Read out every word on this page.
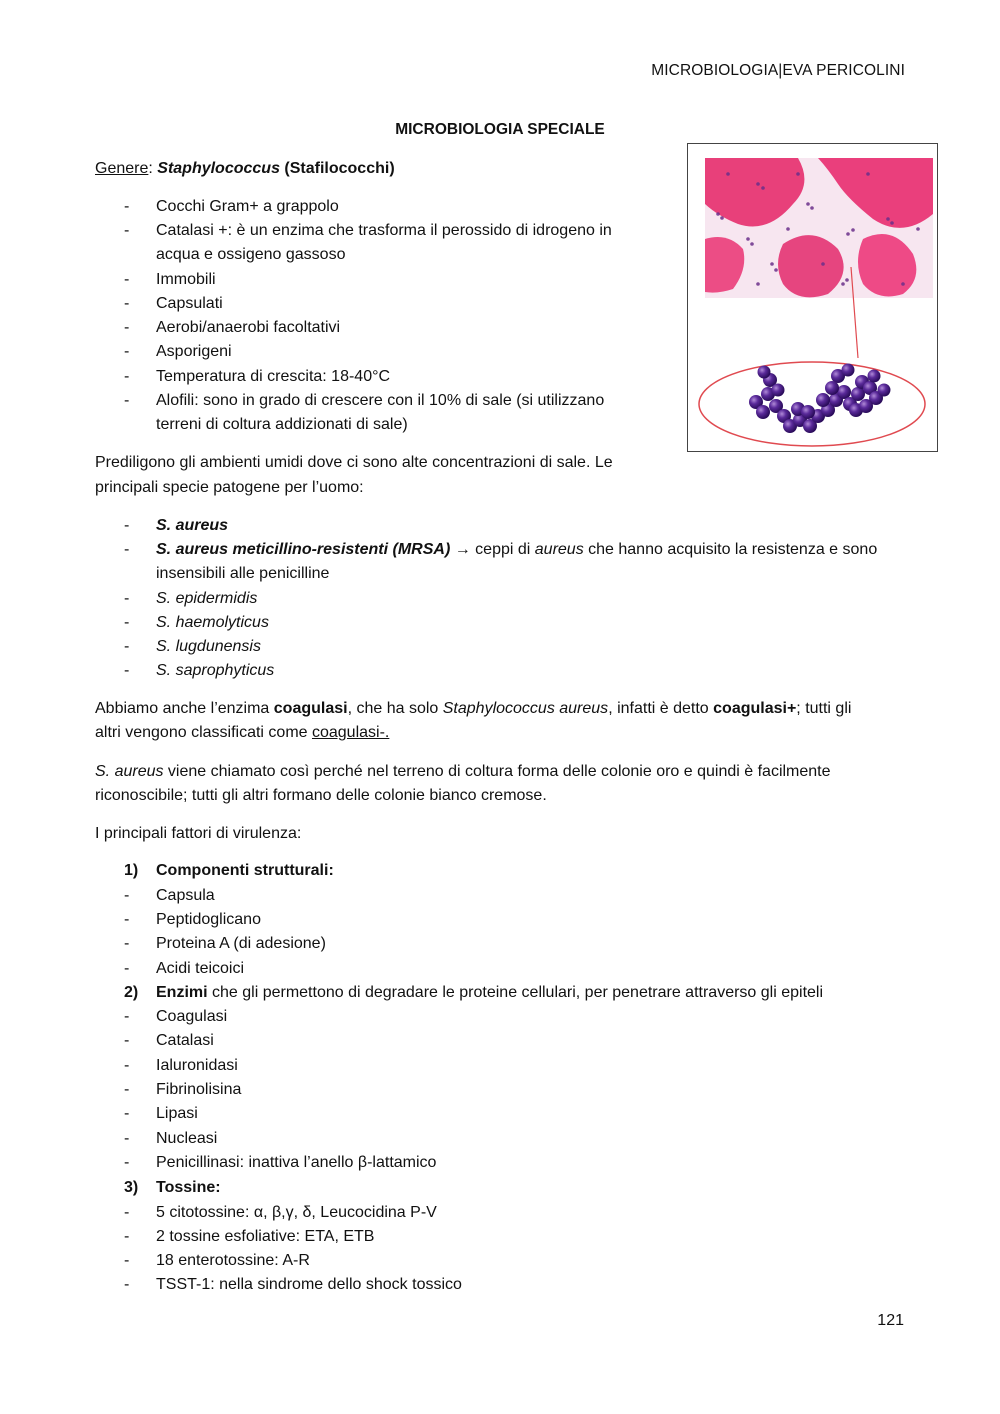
MICROBIOLOGIA|EVA PERICOLINI
MICROBIOLOGIA SPECIALE
Genere: Staphylococcus (Stafilococchi)
- Cocchi Gram+ a grappolo
- Catalasi +: è un enzima che trasforma il perossido di idrogeno in
acqua e ossigeno gassoso
- Immobili
- Capsulati
- Aerobi/anaerobi facoltativi
- Asporigeni
- Temperatura di crescita: 18-40°C
- Alofili: sono in grado di crescere con il 10% di sale (si utilizzano
terreni di coltura addizionati di sale)
Prediligono gli ambienti umidi dove ci sono alte concentrazioni di sale. Le
principali specie patogene per l’uomo:
- S. aureus
- S. aureus meticillino-resistenti (MRSA) → ceppi di aureus che hanno acquisito la resistenza e sono
insensibili alle penicilline
- S. epidermidis
- S. haemolyticus
- S. lugdunensis
- S. saprophyticus
Abbiamo anche l’enzima coagulasi, che ha solo Staphylococcus aureus, infatti è detto coagulasi+; tutti gli
altri vengono classificati come coagulasi-.
S. aureus viene chiamato così perché nel terreno di coltura forma delle colonie oro e quindi è facilmente
riconoscibile; tutti gli altri formano delle colonie bianco cremose.
I principali fattori di virulenza:
1) Componenti strutturali:
- Capsula
- Peptidoglicano
- Proteina A (di adesione)
- Acidi teicoici
2) Enzimi che gli permettono di degradare le proteine cellulari, per penetrare attraverso gli epiteli
- Coagulasi
- Catalasi
- Ialuronidasi
- Fibrinolisina
- Lipasi
- Nucleasi
- Penicillinasi: inattiva l’anello β-lattamico
3) Tossine:
- 5 citotossine: α, β,γ, δ, Leucocidina P-V
- 2 tossine esfoliative: ETA, ETB
- 18 enterotossine: A-R
- TSST-1: nella sindrome dello shock tossico
121
